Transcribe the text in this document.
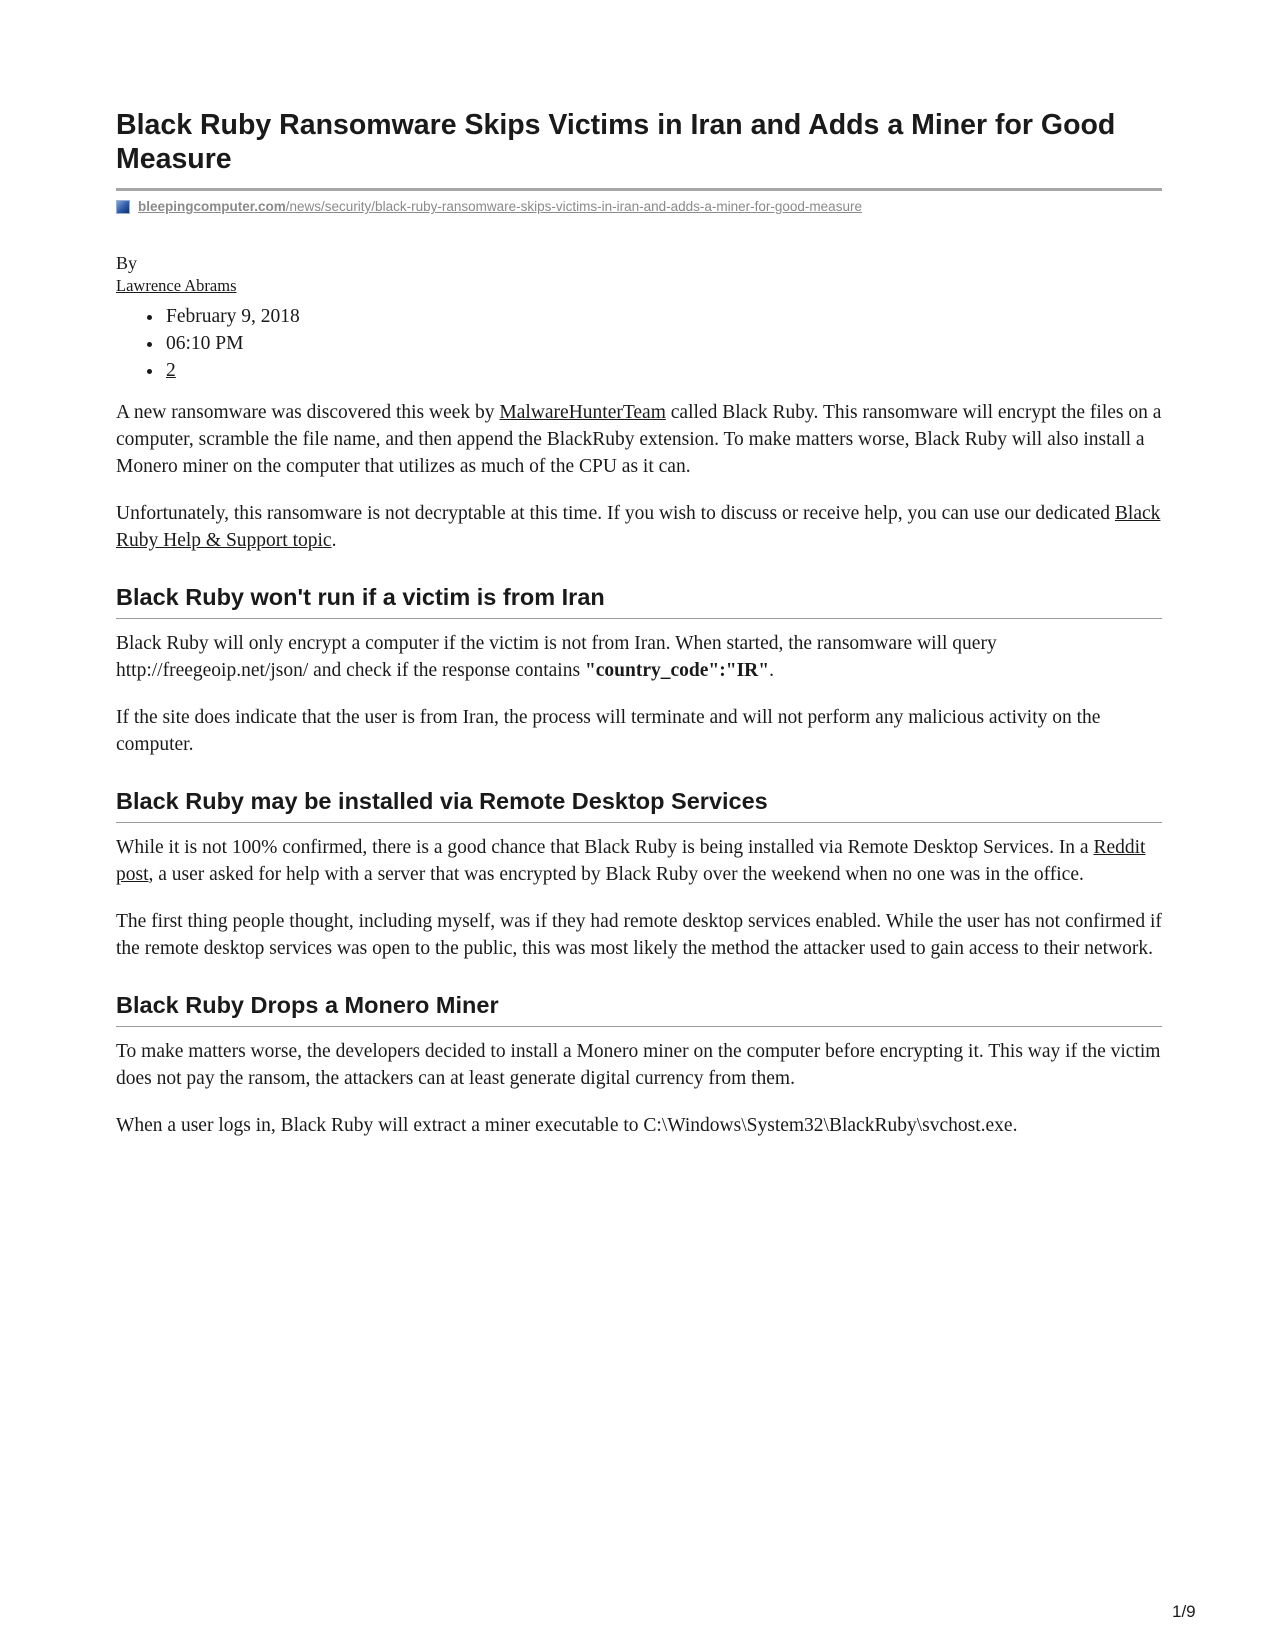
Black Ruby Ransomware Skips Victims in Iran and Adds a Miner for Good Measure
bleepingcomputer.com/news/security/black-ruby-ransomware-skips-victims-in-iran-and-adds-a-miner-for-good-measure
By
Lawrence Abrams
• February 9, 2018
• 06:10 PM
• 2

A new ransomware was discovered this week by MalwareHunterTeam called Black Ruby. This ransomware will encrypt the files on a computer, scramble the file name, and then append the BlackRuby extension. To make matters worse, Black Ruby will also install a Monero miner on the computer that utilizes as much of the CPU as it can.

Unfortunately, this ransomware is not decryptable at this time. If you wish to discuss or receive help, you can use our dedicated Black Ruby Help & Support topic.

Black Ruby won't run if a victim is from Iran

Black Ruby will only encrypt a computer if the victim is not from Iran. When started, the ransomware will query http://freegeoip.net/json/ and check if the response contains "country_code":"IR".

If the site does indicate that the user is from Iran, the process will terminate and will not perform any malicious activity on the computer.

Black Ruby may be installed via Remote Desktop Services

While it is not 100% confirmed, there is a good chance that Black Ruby is being installed via Remote Desktop Services. In a Reddit post, a user asked for help with a server that was encrypted by Black Ruby over the weekend when no one was in the office.

The first thing people thought, including myself, was if they had remote desktop services enabled. While the user has not confirmed if the remote desktop services was open to the public, this was most likely the method the attacker used to gain access to their network.

Black Ruby Drops a Monero Miner

To make matters worse, the developers decided to install a Monero miner on the computer before encrypting it. This way if the victim does not pay the ransom, the attackers can at least generate digital currency from them.

When a user logs in, Black Ruby will extract a miner executable to C:\Windows\System32\BlackRuby\svchost.exe.

1/9
